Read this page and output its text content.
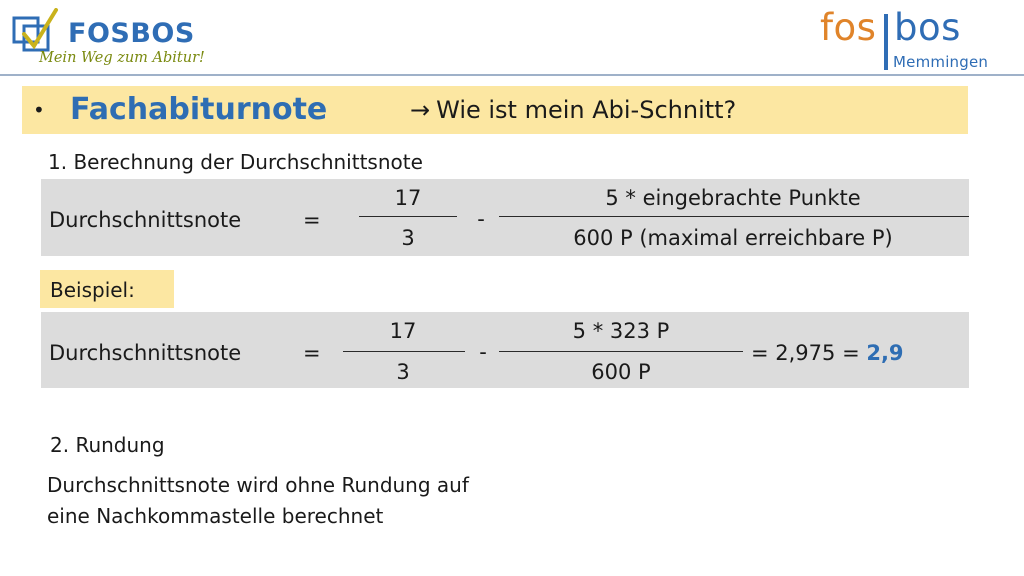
FOSBOS
Mein Weg zum Abitur!
fos bos
Memmingen
• Fachabiturnote	→ Wie ist mein Abi-Schnitt?
1. Berechnung der Durchschnittsnote
Durchschnittsnote	=
17
3
-
5 * eingebrachte Punkte
600 P (maximal erreichbare P)
Beispiel:
Durchschnittsnote	=
17
3
-
5 * 323 P
600 P
= 2,975 = 2,9
2. Rundung
Durchschnittsnote wird ohne Rundung auf
eine Nachkommastelle berechnet
